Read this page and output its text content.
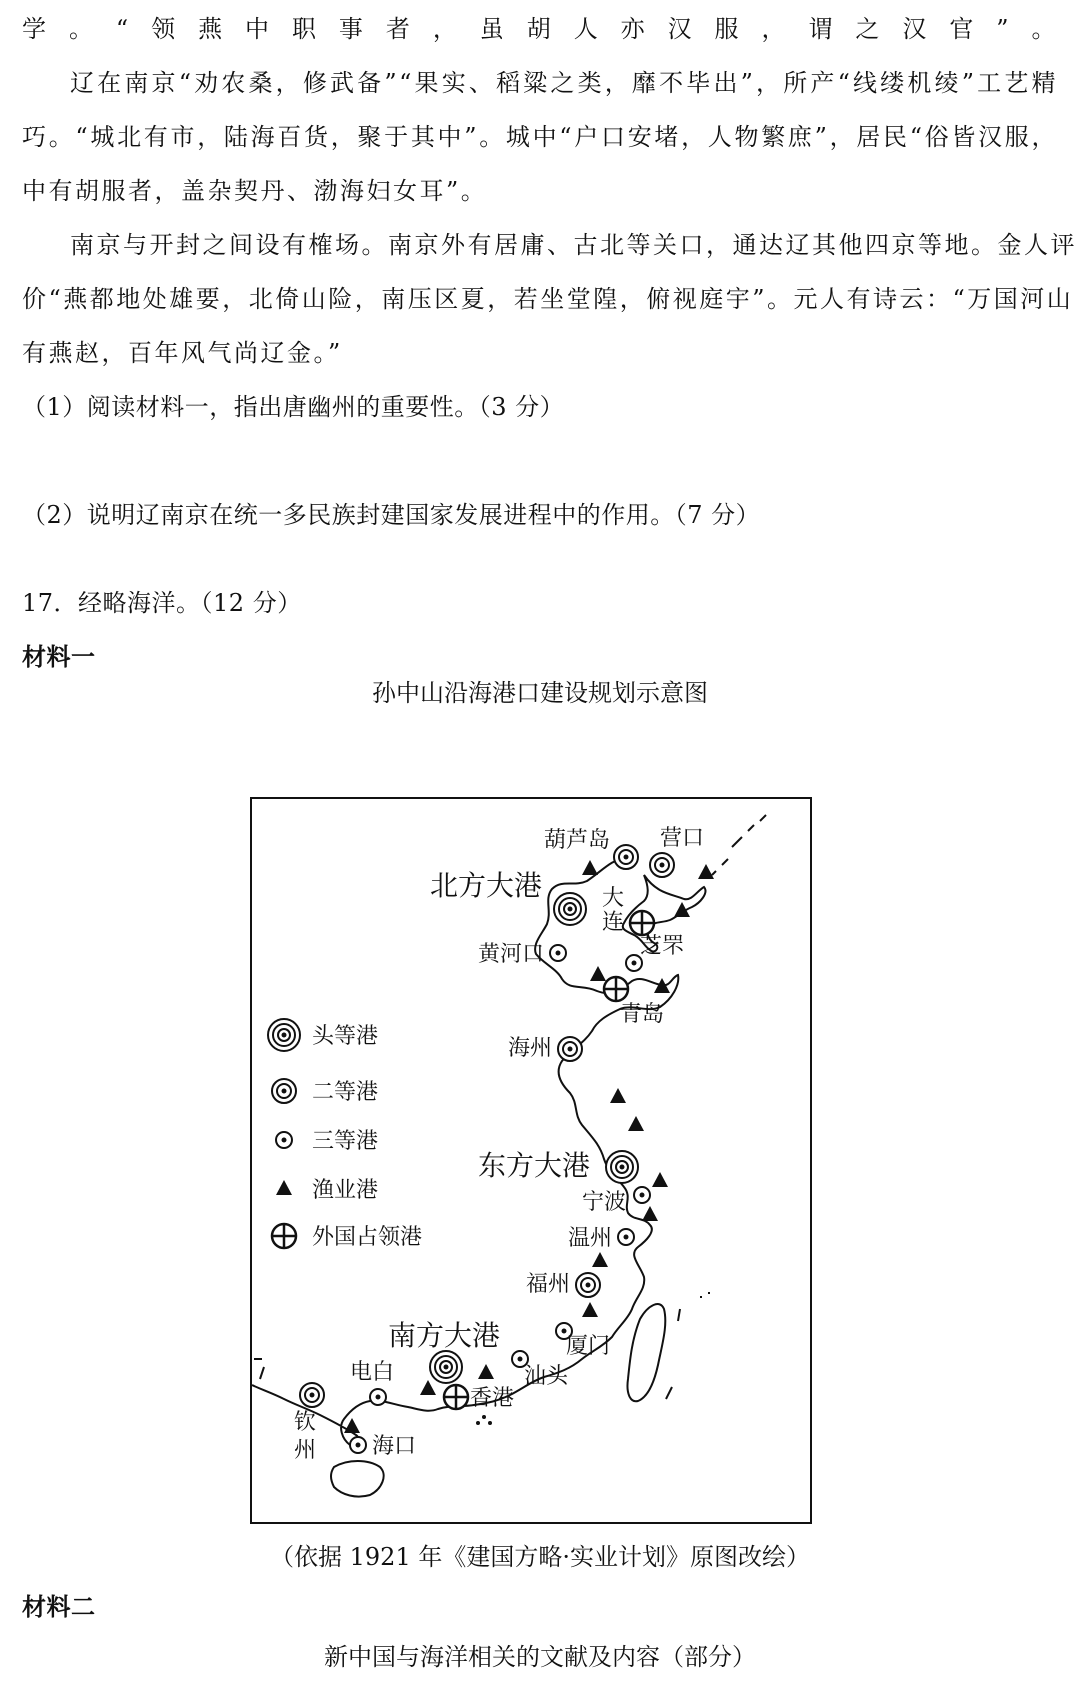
学。“领燕中职事者，虽胡人亦汉服，谓之汉官”。
辽在南京“劝农桑，修武备”“果实、稻粱之类，靡不毕出”，所产“线缕机绫”工艺精
巧。“城北有市，陆海百货，聚于其中”。城中“户口安堵，人物繁庶”，居民“俗皆汉服，
中有胡服者，盖杂契丹、渤海妇女耳”。
南京与开封之间设有榷场。南京外有居庸、古北等关口，通达辽其他四京等地。金人评
价“燕都地处雄要，北倚山险，南压区夏，若坐堂隍，俯视庭宇”。元人有诗云：“万国河山
有燕赵，百年风气尚辽金。”
（1）阅读材料一，指出唐幽州的重要性。（3 分）
（2）说明辽南京在统一多民族封建国家发展进程中的作用。（7 分）
17．经略海洋。（12 分）
材料一
孙中山沿海港口建设规划示意图
头等港
二等港
三等港
渔业港
外国占领港
北方大港
东方大港
南方大港
葫芦岛 营口
大
连
芝罘
黄河口
青岛
海州
宁波
温州
福州
厦门
汕头
香港
电白
钦
州	海口
（依据 1921 年《建国方略·实业计划》原图改绘）
材料二
新中国与海洋相关的文献及内容（部分）
